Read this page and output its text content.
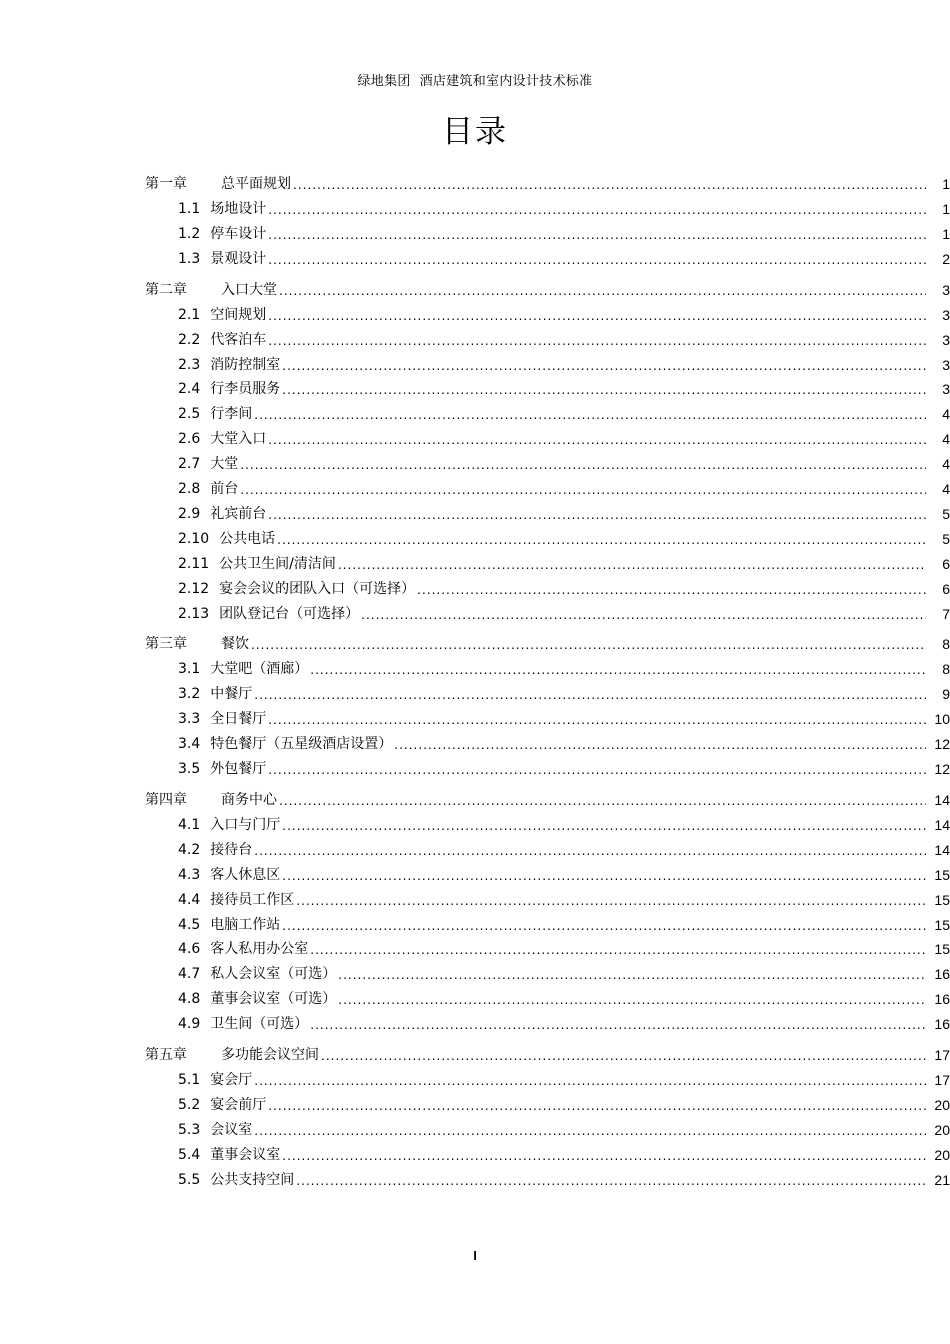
绿地集团 酒店建筑和室内设计技术标准
目录
第一章	总平面规划 .....	1
1.1 场地设计 .....	1
1.2 停车设计 .....	1
1.3 景观设计 .....	2
第二章	入口大堂 .....	3
2.1 空间规划 .....	3
2.2 代客泊车 .....	3
2.3 消防控制室 .....	3
2.4 行李员服务 .....	3
2.5 行李间 .....	4
2.6 大堂入口 .....	4
2.7 大堂 .....	4
2.8 前台 .....	4
2.9 礼宾前台 .....	5
2.10 公共电话 .....	5
2.11 公共卫生间/清洁间 .....	6
2.12 宴会会议的团队入口（可选择） .....	6
2.13 团队登记台（可选择） .....	7
第三章	餐饮 .....	8
3.1 大堂吧（酒廊） .....	8
3.2 中餐厅 .....	9
3.3 全日餐厅 .....	10
3.4 特色餐厅（五星级酒店设置） .....	12
3.5 外包餐厅 .....	12
第四章	商务中心 .....	14
4.1 入口与门厅 .....	14
4.2 接待台 .....	14
4.3 客人休息区 .....	15
4.4 接待员工作区 .....	15
4.5 电脑工作站 .....	15
4.6 客人私用办公室 .....	15
4.7 私人会议室（可选） .....	16
4.8 董事会议室（可选） .....	16
4.9 卫生间（可选） .....	16
第五章	多功能会议空间 .....	17
5.1 宴会厅 .....	17
5.2 宴会前厅 .....	20
5.3 会议室 .....	20
5.4 董事会议室 .....	20
5.5 公共支持空间 .....	21
I
